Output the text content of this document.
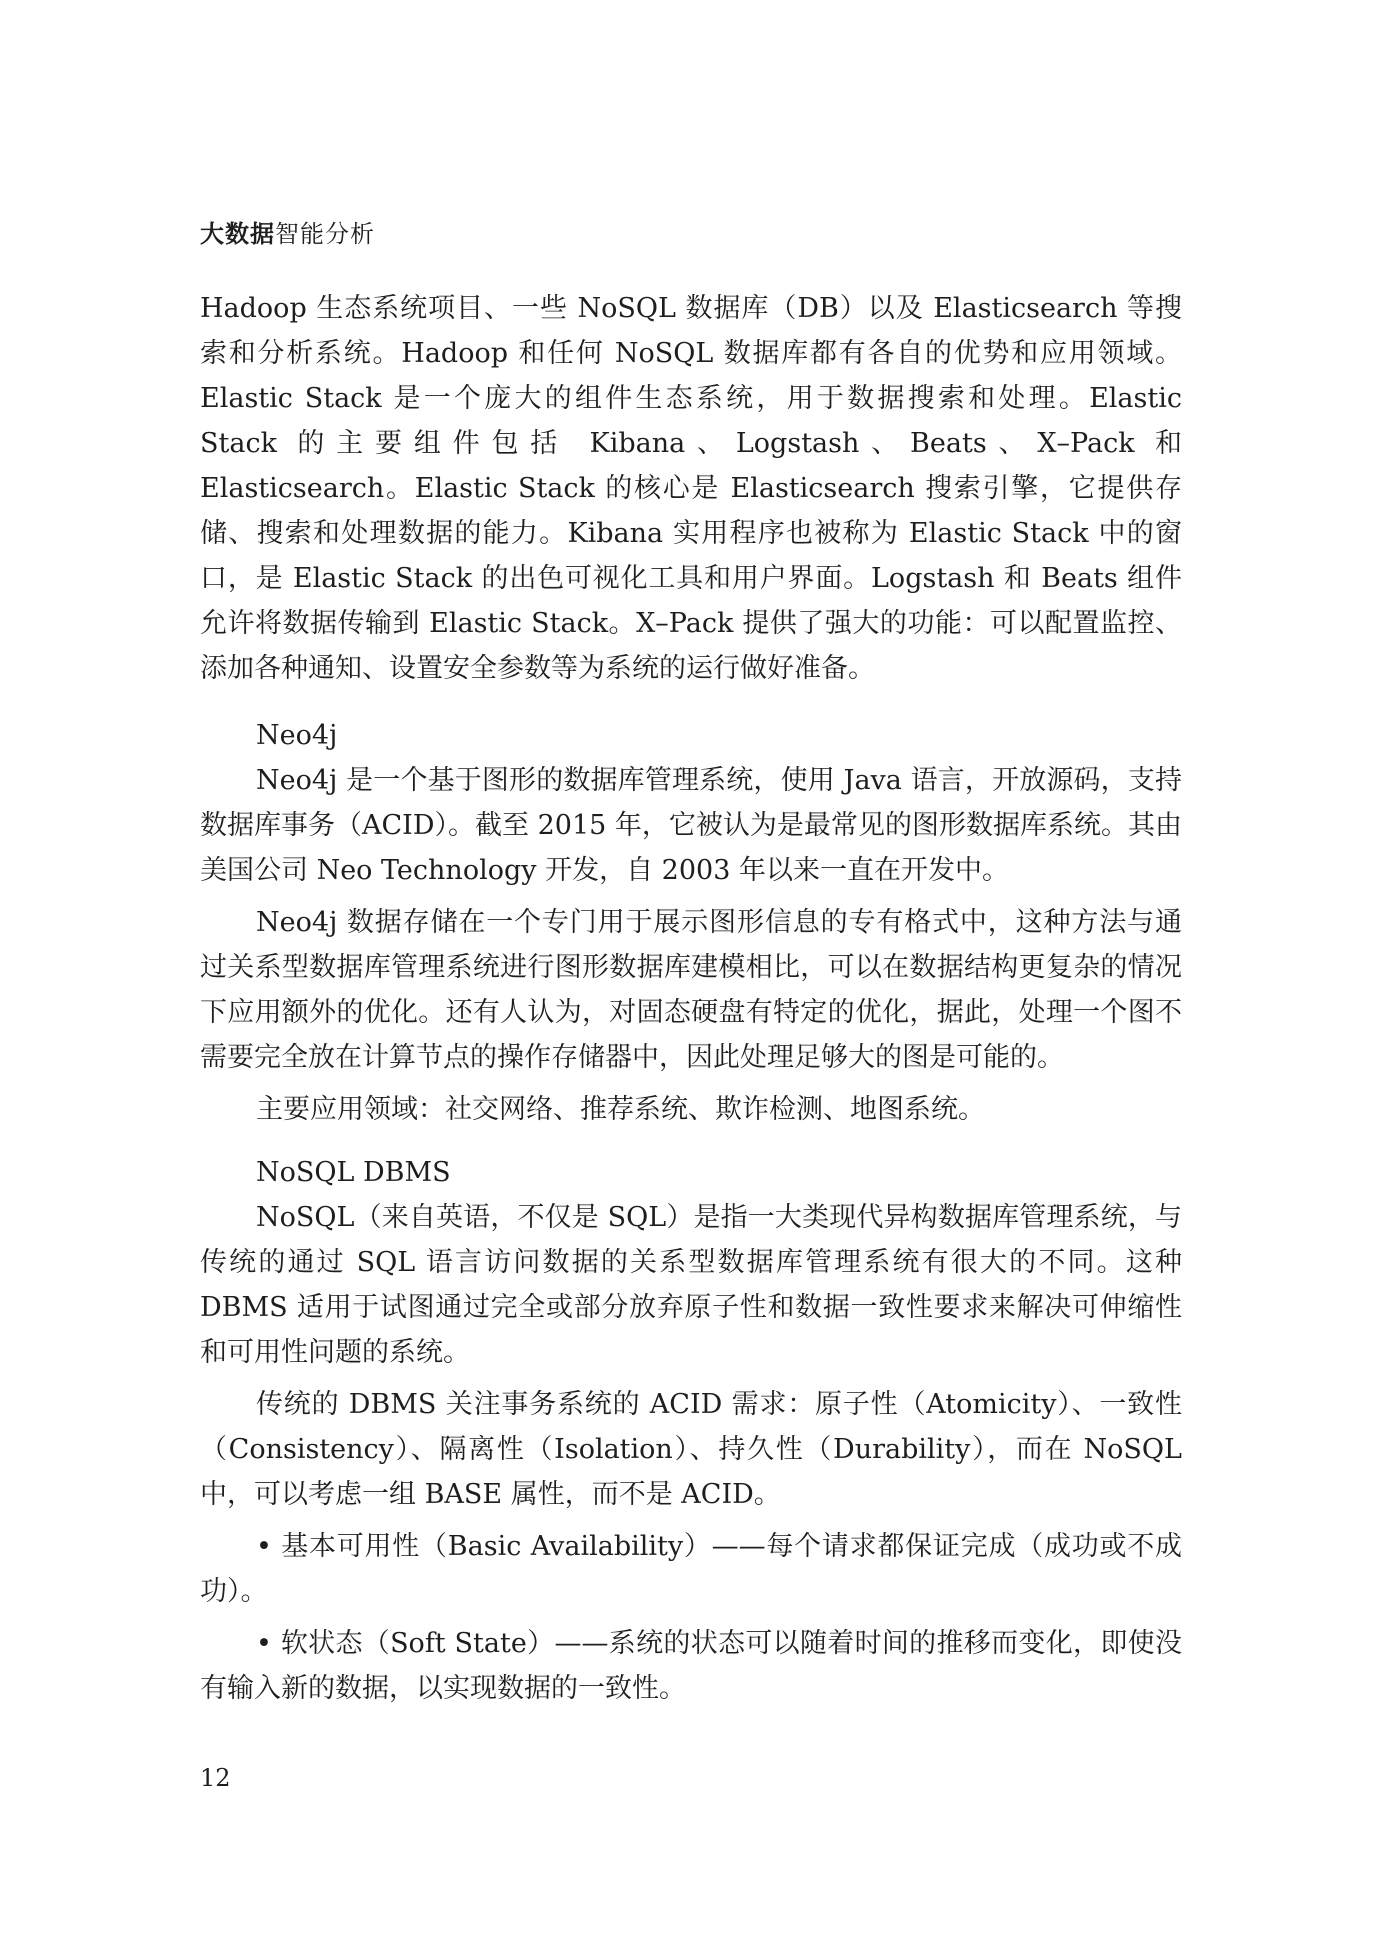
大数据智能分析

Hadoop 生态系统项目、一些 NoSQL 数据库（DB）以及 Elasticsearch 等搜索和分析系统。Hadoop 和任何 NoSQL 数据库都有各自的优势和应用领域。Elastic Stack 是一个庞大的组件生态系统，用于数据搜索和处理。Elastic Stack 的主要组件包括 Kibana、Logstash、Beats、X–Pack 和 Elasticsearch。Elastic Stack 的核心是 Elasticsearch 搜索引擎，它提供存储、搜索和处理数据的能力。Kibana 实用程序也被称为 Elastic Stack 中的窗口，是 Elastic Stack 的出色可视化工具和用户界面。Logstash 和 Beats 组件允许将数据传输到 Elastic Stack。X–Pack 提供了强大的功能：可以配置监控、添加各种通知、设置安全参数等为系统的运行做好准备。

Neo4j

Neo4j 是一个基于图形的数据库管理系统，使用 Java 语言，开放源码，支持数据库事务（ACID）。截至 2015 年，它被认为是最常见的图形数据库系统。其由美国公司 Neo Technology 开发，自 2003 年以来一直在开发中。

Neo4j 数据存储在一个专门用于展示图形信息的专有格式中，这种方法与通过关系型数据库管理系统进行图形数据库建模相比，可以在数据结构更复杂的情况下应用额外的优化。还有人认为，对固态硬盘有特定的优化，据此，处理一个图不需要完全放在计算节点的操作存储器中，因此处理足够大的图是可能的。

主要应用领域：社交网络、推荐系统、欺诈检测、地图系统。

NoSQL DBMS

NoSQL（来自英语，不仅是 SQL）是指一大类现代异构数据库管理系统，与传统的通过 SQL 语言访问数据的关系型数据库管理系统有很大的不同。这种 DBMS 适用于试图通过完全或部分放弃原子性和数据一致性要求来解决可伸缩性和可用性问题的系统。

传统的 DBMS 关注事务系统的 ACID 需求：原子性（Atomicity）、一致性（Consistency）、隔离性（Isolation）、持久性（Durability），而在 NoSQL 中，可以考虑一组 BASE 属性，而不是 ACID。

• 基本可用性（Basic Availability）——每个请求都保证完成（成功或不成功）。

• 软状态（Soft State）——系统的状态可以随着时间的推移而变化，即使没有输入新的数据，以实现数据的一致性。

12
